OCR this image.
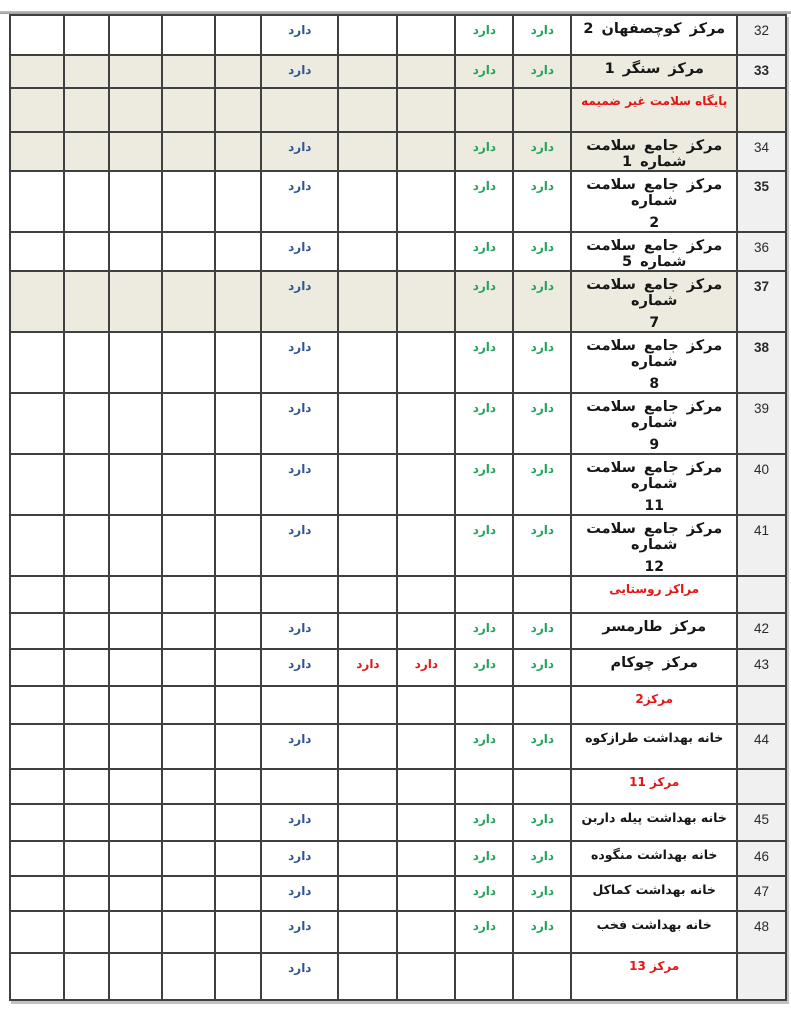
					دارد			دارد	دارد	مرکز کوچصفهان 2	32
					دارد			دارد	دارد	مرکز سنگر 1	33

										پایگاه سلامت غیر ضمیمه	

					دارد			دارد	دارد	مرکز جامع سلامت شماره 1	34
					دارد			دارد	دارد	مرکز جامع سلامت شماره
2	35
					دارد			دارد	دارد	مرکز جامع سلامت شماره 5	36
					دارد			دارد	دارد	مرکز جامع سلامت شماره
7	37
					دارد			دارد	دارد	مرکز جامع سلامت شماره
8	38
					دارد			دارد	دارد	مرکز جامع سلامت شماره
9	39
					دارد			دارد	دارد	مرکز جامع سلامت شماره
11	40
					دارد			دارد	دارد	مرکز جامع سلامت شماره
12	41

										مراکز روستایی	

					دارد			دارد	دارد	مرکز طارمسر	42
					دارد	دارد	دارد	دارد	دارد	مرکز چوکام	43

										مرکز2	

					دارد			دارد	دارد	خانه بهداشت طرازکوه	44

										مرکز 11	

					دارد			دارد	دارد	خانه بهداشت پیله داربن	45
					دارد			دارد	دارد	خانه بهداشت منگوده	46
					دارد			دارد	دارد	خانه بهداشت کماکل	47
					دارد			دارد	دارد	خانه بهداشت فخب	48
					دارد					مرکز 13	
